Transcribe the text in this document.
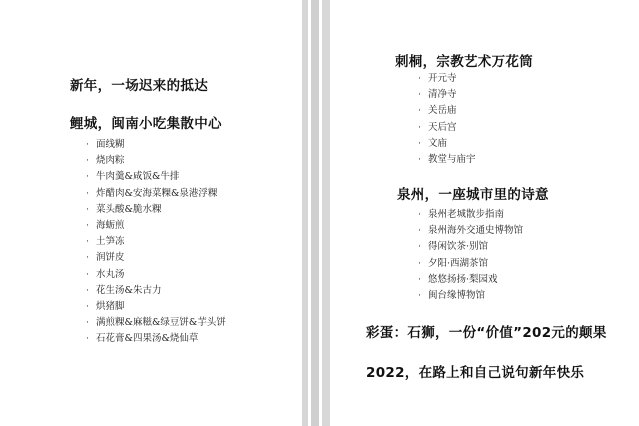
新年，一场迟来的抵达
鲤城，闽南小吃集散中心
· 面线糊
· 烧肉粽
· 牛肉羹&咸饭&牛排
· 炸醋肉&安海菜粿&泉港浮粿
· 菜头酸&脆水粿
· 海蛎煎
· 土笋冻
· 润饼皮
· 水丸汤
· 花生汤&朱古力
· 烘猪脚
· 满煎粿&麻糍&绿豆饼&芋头饼
· 石花膏&四果汤&烧仙草
刺桐，宗教艺术万花筒
· 开元寺
· 清净寺
· 关岳庙
· 天后宫
· 文庙
· 教堂与庙宇
泉州，一座城市里的诗意
· 泉州老城散步指南
· 泉州海外交通史博物馆
· 得闲饮茶·别馆
· 夕阳·西湖茶馆
· 悠悠扬扬·梨园戏
· 闽台缘博物馆
彩蛋：石狮，一份“价值”202元的颠果
2022，在路上和自己说句新年快乐
